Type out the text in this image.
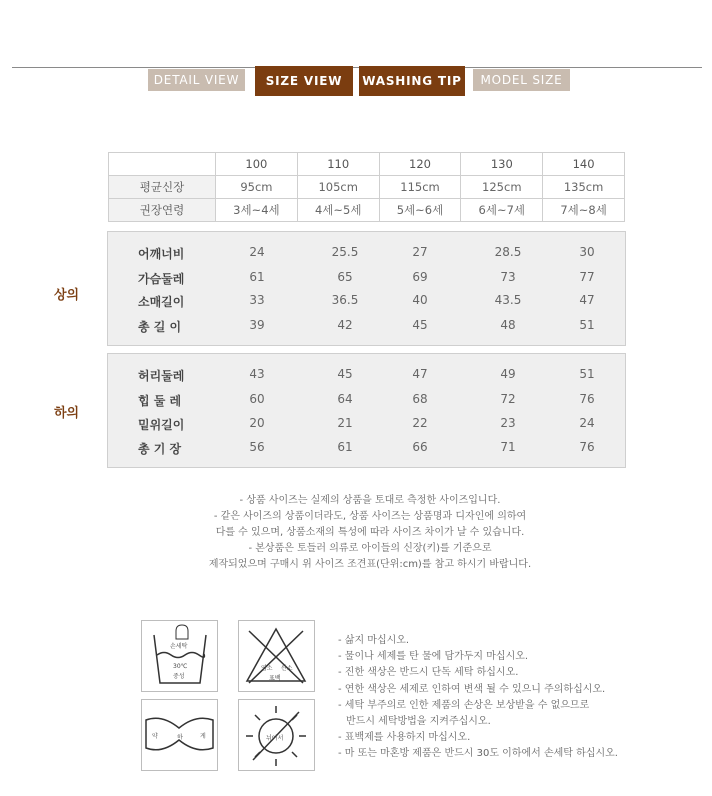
DETAIL VIEW	SIZE VIEW	WASHING TIP	MODEL SIZE
	100	110	120	130	140
평균신장	95cm	105cm	115cm	125cm	135cm
권장연령	3세~4세	4세~5세	5세~6세	6세~7세	7세~8세
상의
어깨너비	24	25.5	27	28.5	30
가슴둘레	61	65	69	73	77
소매길이	33	36.5	40	43.5	47
총 길 이	39	42	45	48	51
하의
허리둘레	43	45	47	49	51
힙 둘 레	60	64	68	72	76
밑위길이	20	21	22	23	24
총 기 장	56	61	66	71	76
- 상품 사이즈는 실제의 상품을 토대로 측정한 사이즈입니다.
- 같은 사이즈의 상품이더라도, 상품 사이즈는 상품명과 디자인에 의하여
다를 수 있으며, 상품소재의 특성에 따라 사이즈 차이가 날 수 있습니다.
- 본상품은 토들러 의류로 아이들의 신장(키)를 기준으로
제작되었으며 구매시 위 사이즈 조견표(단위:cm)를 참고 하시기 바랍니다.
손세탁
30℃
중성
염소 산소
표백
약	하	게	뉘어서
- 삶지 마십시오.
- 물이나 세제를 탄 물에 담가두지 마십시오.
- 진한 색상은 반드시 단독 세탁 하십시오.
- 연한 색상은 세제로 인하여 변색 될 수 있으니 주의하십시오.
- 세탁 부주의로 인한 제품의 손상은 보상받을 수 없으므로
반드시 세탁방법을 지켜주십시오.
- 표백제를 사용하지 마십시오.
- 마 또는 마혼방 제품은 반드시 30도 이하에서 손세탁 하십시오.
